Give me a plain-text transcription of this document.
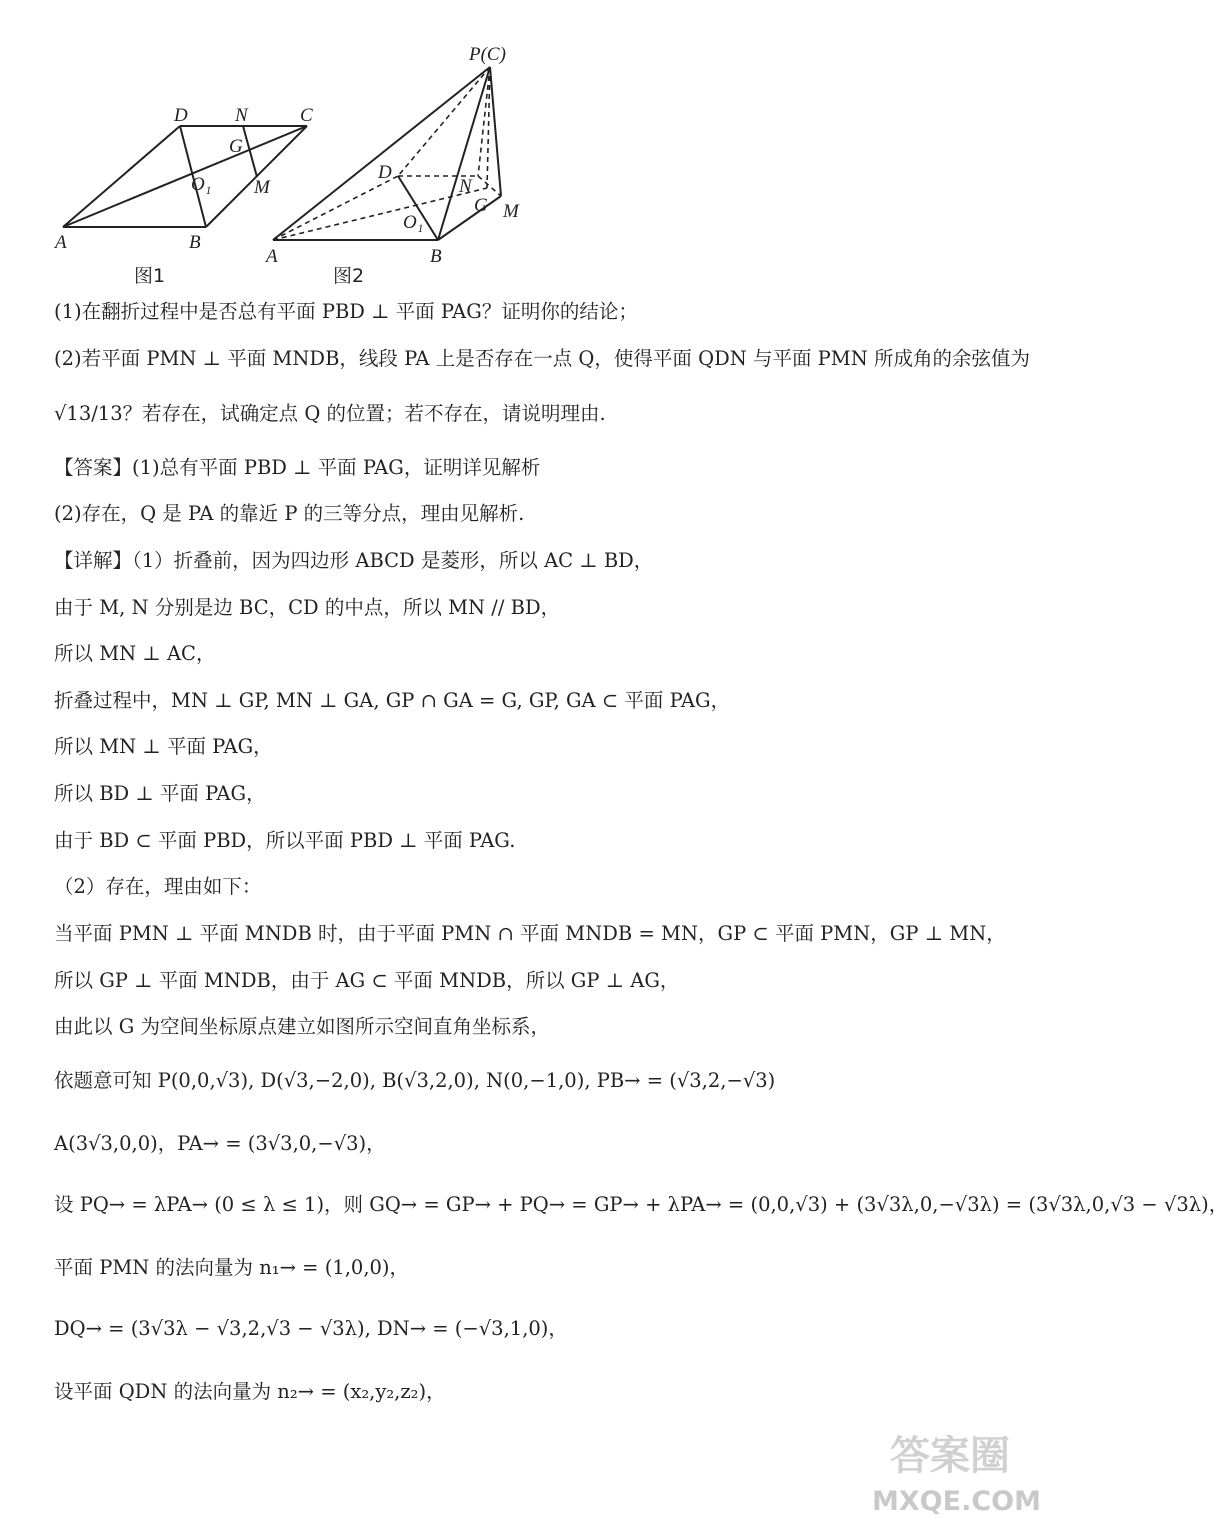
D N	C
G
O₁ M
A	B
图1
P(C)
D
N
G M
O₁
A	B
图2
(1)在翻折过程中是否总有平面 PBD ⊥ 平面 PAG？证明你的结论；
(2)若平面 PMN ⊥ 平面 MNDB，线段 PA 上是否存在一点 Q，使得平面 QDN 与平面 PMN 所成角的余弦值为
√13/13？若存在，试确定点 Q 的位置；若不存在，请说明理由.
【答案】(1)总有平面 PBD ⊥ 平面 PAG，证明详见解析
(2)存在，Q 是 PA 的靠近 P 的三等分点，理由见解析.
【详解】（1）折叠前，因为四边形 ABCD 是菱形，所以 AC ⊥ BD，
由于 M, N 分别是边 BC，CD 的中点，所以 MN // BD，
所以 MN ⊥ AC，
折叠过程中，MN ⊥ GP, MN ⊥ GA, GP ∩ GA = G, GP, GA ⊂ 平面 PAG，
所以 MN ⊥ 平面 PAG，
所以 BD ⊥ 平面 PAG，
由于 BD ⊂ 平面 PBD，所以平面 PBD ⊥ 平面 PAG.
（2）存在，理由如下：
当平面 PMN ⊥ 平面 MNDB 时，由于平面 PMN ∩ 平面 MNDB = MN，GP ⊂ 平面 PMN，GP ⊥ MN，
所以 GP ⊥ 平面 MNDB，由于 AG ⊂ 平面 MNDB，所以 GP ⊥ AG，
由此以 G 为空间坐标原点建立如图所示空间直角坐标系，
依题意可知 P(0,0,√3), D(√3,−2,0), B(√3,2,0), N(0,−1,0), PB→ = (√3,2,−√3)
A(3√3,0,0)，PA→ = (3√3,0,−√3)，
设 PQ→ = λPA→ (0 ≤ λ ≤ 1)，则 GQ→ = GP→ + PQ→ = GP→ + λPA→ = (0,0,√3) + (3√3λ,0,−√3λ) = (3√3λ,0,√3 − √3λ)，
平面 PMN 的法向量为 n₁→ = (1,0,0)，
DQ→ = (3√3λ − √3,2,√3 − √3λ), DN→ = (−√3,1,0)，
设平面 QDN 的法向量为 n₂→ = (x₂,y₂,z₂)，
答案圈
MXQE.COM
